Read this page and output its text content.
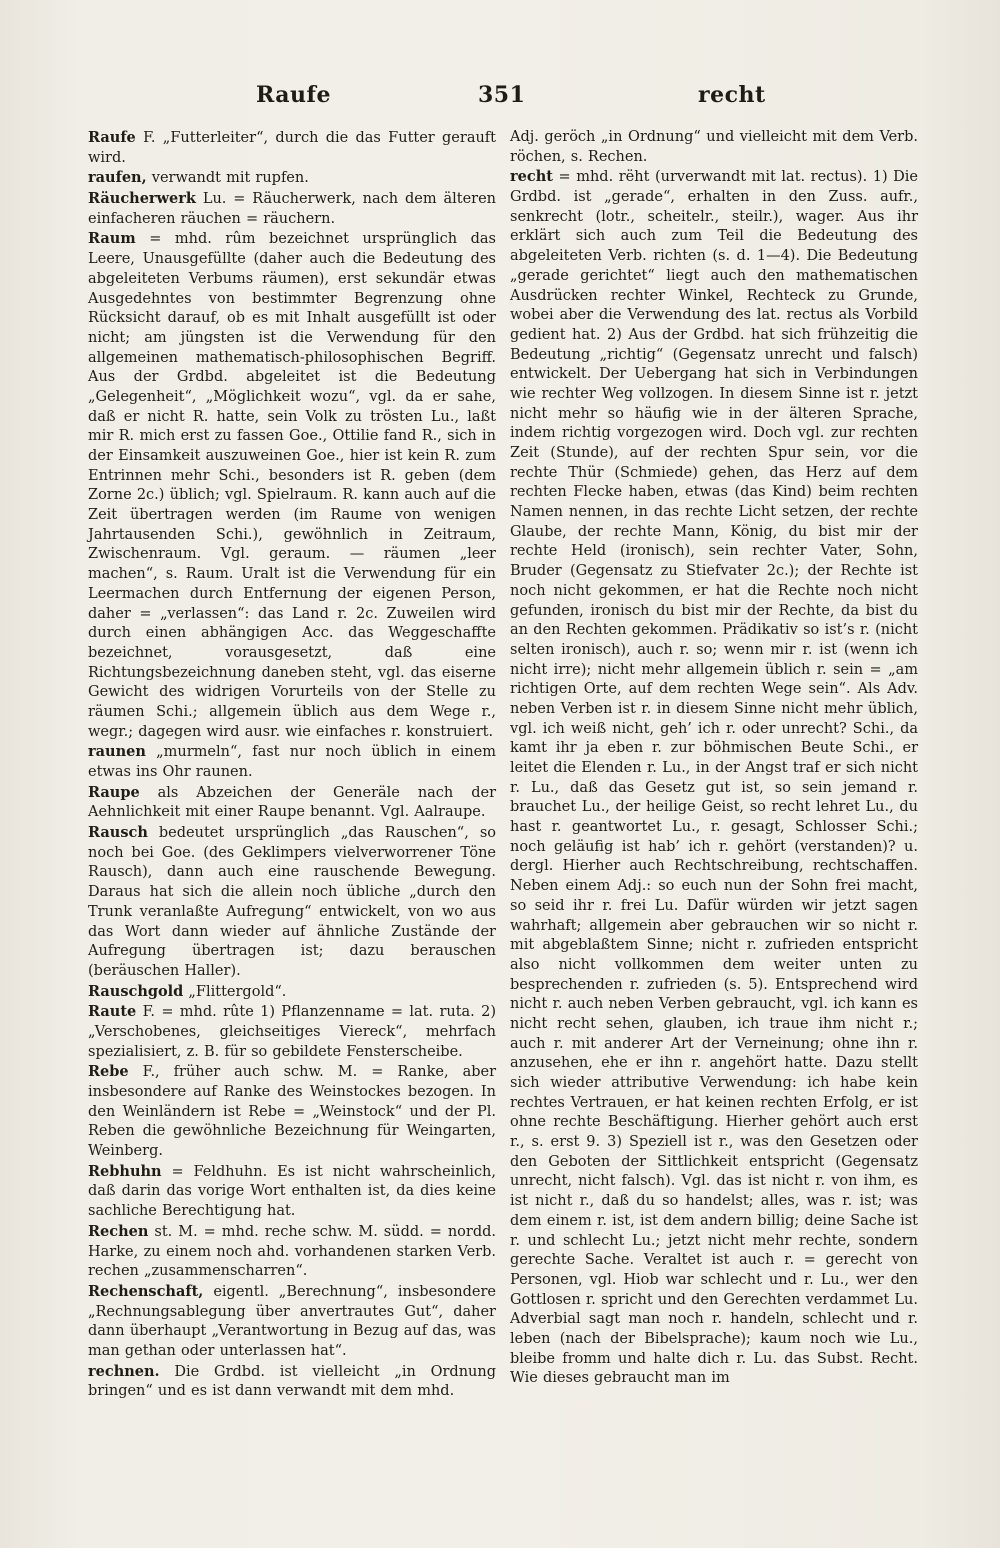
Raufe	351	recht

Raufe F. „Futterleiter“, durch die das Futter gerauft wird.

raufen, verwandt mit rupfen.

Räucherwerk Lu. = Räucherwerk, nach dem älteren einfacheren räuchen = räuchern.

Raum = mhd. rûm bezeichnet ursprünglich das Leere, Unausgefüllte (daher auch die Bedeutung des abgeleiteten Verbums räumen), erst sekundär etwas Ausgedehntes von bestimmter Begrenzung ohne Rücksicht darauf, ob es mit Inhalt ausgefüllt ist oder nicht; am jüngsten ist die Verwendung für den allgemeinen mathematisch-philosophischen Begriff. Aus der Grdbd. abgeleitet ist die Bedeutung „Gelegenheit“, „Möglichkeit wozu“, vgl. da er sahe, daß er nicht R. hatte, sein Volk zu trösten Lu., laßt mir R. mich erst zu fassen Goe., Ottilie fand R., sich in der Einsamkeit auszuweinen Goe., hier ist kein R. zum Entrinnen mehr Schi., besonders ist R. geben (dem Zorne 2c.) üblich; vgl. Spielraum. R. kann auch auf die Zeit übertragen werden (im Raume von wenigen Jahrtausenden Schi.), gewöhnlich in Zeitraum, Zwischenraum. Vgl. geraum. — räumen „leer machen“, s. Raum. Uralt ist die Verwendung für ein Leermachen durch Entfernung der eigenen Person, daher = „verlassen“: das Land r. 2c. Zuweilen wird durch einen abhängigen Acc. das Weggeschaffte bezeichnet, vorausgesetzt, daß eine Richtungsbezeichnung daneben steht, vgl. das eiserne Gewicht des widrigen Vorurteils von der Stelle zu räumen Schi.; allgemein üblich aus dem Wege r., wegr.; dagegen wird ausr. wie einfaches r. konstruiert.

raunen „murmeln“, fast nur noch üblich in einem etwas ins Ohr raunen.

Raupe als Abzeichen der Generäle nach der Aehnlichkeit mit einer Raupe benannt. Vgl. Aalraupe.

Rausch bedeutet ursprünglich „das Rauschen“, so noch bei Goe. (des Geklimpers vielverworrener Töne Rausch), dann auch eine rauschende Bewegung. Daraus hat sich die allein noch übliche „durch den Trunk veranlaßte Aufregung“ entwickelt, von wo aus das Wort dann wieder auf ähnliche Zustände der Aufregung übertragen ist; dazu berauschen (beräuschen Haller).

Rauschgold „Flittergold“.

Raute F. = mhd. rûte 1) Pflanzenname = lat. ruta. 2) „Verschobenes, gleichseitiges Viereck“, mehrfach spezialisiert, z. B. für so gebildete Fensterscheibe.

Rebe F., früher auch schw. M. = Ranke, aber insbesondere auf Ranke des Weinstockes bezogen. In den Weinländern ist Rebe = „Weinstock“ und der Pl. Reben die gewöhnliche Bezeichnung für Weingarten, Weinberg.

Rebhuhn = Feldhuhn. Es ist nicht wahrscheinlich, daß darin das vorige Wort enthalten ist, da dies keine sachliche Berechtigung hat.

Rechen st. M. = mhd. reche schw. M. südd. = nordd. Harke, zu einem noch ahd. vorhandenen starken Verb. rechen „zusammenscharren“.

Rechenschaft, eigentl. „Berechnung“, insbesondere „Rechnungsablegung über anvertrautes Gut“, daher dann überhaupt „Verantwortung in Bezug auf das, was man gethan oder unterlassen hat“.

rechnen. Die Grdbd. ist vielleicht „in Ordnung bringen“ und es ist dann verwandt mit dem mhd.

Adj. geröch „in Ordnung“ und vielleicht mit dem Verb. röchen, s. Rechen.

recht = mhd. rëht (urverwandt mit lat. rectus). 1) Die Grdbd. ist „gerade“, erhalten in den Zuss. aufr., senkrecht (lotr., scheitelr., steilr.), wager. Aus ihr erklärt sich auch zum Teil die Bedeutung des abgeleiteten Verb. richten (s. d. 1—4). Die Bedeutung „gerade gerichtet“ liegt auch den mathematischen Ausdrücken rechter Winkel, Rechteck zu Grunde, wobei aber die Verwendung des lat. rectus als Vorbild gedient hat. 2) Aus der Grdbd. hat sich frühzeitig die Bedeutung „richtig“ (Gegensatz unrecht und falsch) entwickelt. Der Uebergang hat sich in Verbindungen wie rechter Weg vollzogen. In diesem Sinne ist r. jetzt nicht mehr so häufig wie in der älteren Sprache, indem richtig vorgezogen wird. Doch vgl. zur rechten Zeit (Stunde), auf der rechten Spur sein, vor die rechte Thür (Schmiede) gehen, das Herz auf dem rechten Flecke haben, etwas (das Kind) beim rechten Namen nennen, in das rechte Licht setzen, der rechte Glaube, der rechte Mann, König, du bist mir der rechte Held (ironisch), sein rechter Vater, Sohn, Bruder (Gegensatz zu Stiefvater 2c.); der Rechte ist noch nicht gekommen, er hat die Rechte noch nicht gefunden, ironisch du bist mir der Rechte, da bist du an den Rechten gekommen. Prädikativ so ist’s r. (nicht selten ironisch), auch r. so; wenn mir r. ist (wenn ich nicht irre); nicht mehr allgemein üblich r. sein = „am richtigen Orte, auf dem rechten Wege sein“. Als Adv. neben Verben ist r. in diesem Sinne nicht mehr üblich, vgl. ich weiß nicht, geh’ ich r. oder unrecht? Schi., da kamt ihr ja eben r. zur böhmischen Beute Schi., er leitet die Elenden r. Lu., in der Angst traf er sich nicht r. Lu., daß das Gesetz gut ist, so sein jemand r. brauchet Lu., der heilige Geist, so recht lehret Lu., du hast r. geantwortet Lu., r. gesagt, Schlosser Schi.; noch geläufig ist hab’ ich r. gehört (verstanden)? u. dergl. Hierher auch Rechtschreibung, rechtschaffen. Neben einem Adj.: so euch nun der Sohn frei macht, so seid ihr r. frei Lu. Dafür würden wir jetzt sagen wahrhaft; allgemein aber gebrauchen wir so nicht r. mit abgeblaßtem Sinne; nicht r. zufrieden entspricht also nicht vollkommen dem weiter unten zu besprechenden r. zufrieden (s. 5). Entsprechend wird nicht r. auch neben Verben gebraucht, vgl. ich kann es nicht recht sehen, glauben, ich traue ihm nicht r.; auch r. mit anderer Art der Verneinung; ohne ihn r. anzusehen, ehe er ihn r. angehört hatte. Dazu stellt sich wieder attributive Verwendung: ich habe kein rechtes Vertrauen, er hat keinen rechten Erfolg, er ist ohne rechte Beschäftigung. Hierher gehört auch erst r., s. erst 9. 3) Speziell ist r., was den Gesetzen oder den Geboten der Sittlichkeit entspricht (Gegensatz unrecht, nicht falsch). Vgl. das ist nicht r. von ihm, es ist nicht r., daß du so handelst; alles, was r. ist; was dem einem r. ist, ist dem andern billig; deine Sache ist r. und schlecht Lu.; jetzt nicht mehr rechte, sondern gerechte Sache. Veraltet ist auch r. = gerecht von Personen, vgl. Hiob war schlecht und r. Lu., wer den Gottlosen r. spricht und den Gerechten verdammet Lu. Adverbial sagt man noch r. handeln, schlecht und r. leben (nach der Bibelsprache); kaum noch wie Lu., bleibe fromm und halte dich r. Lu. das Subst. Recht. Wie dieses gebraucht man im
